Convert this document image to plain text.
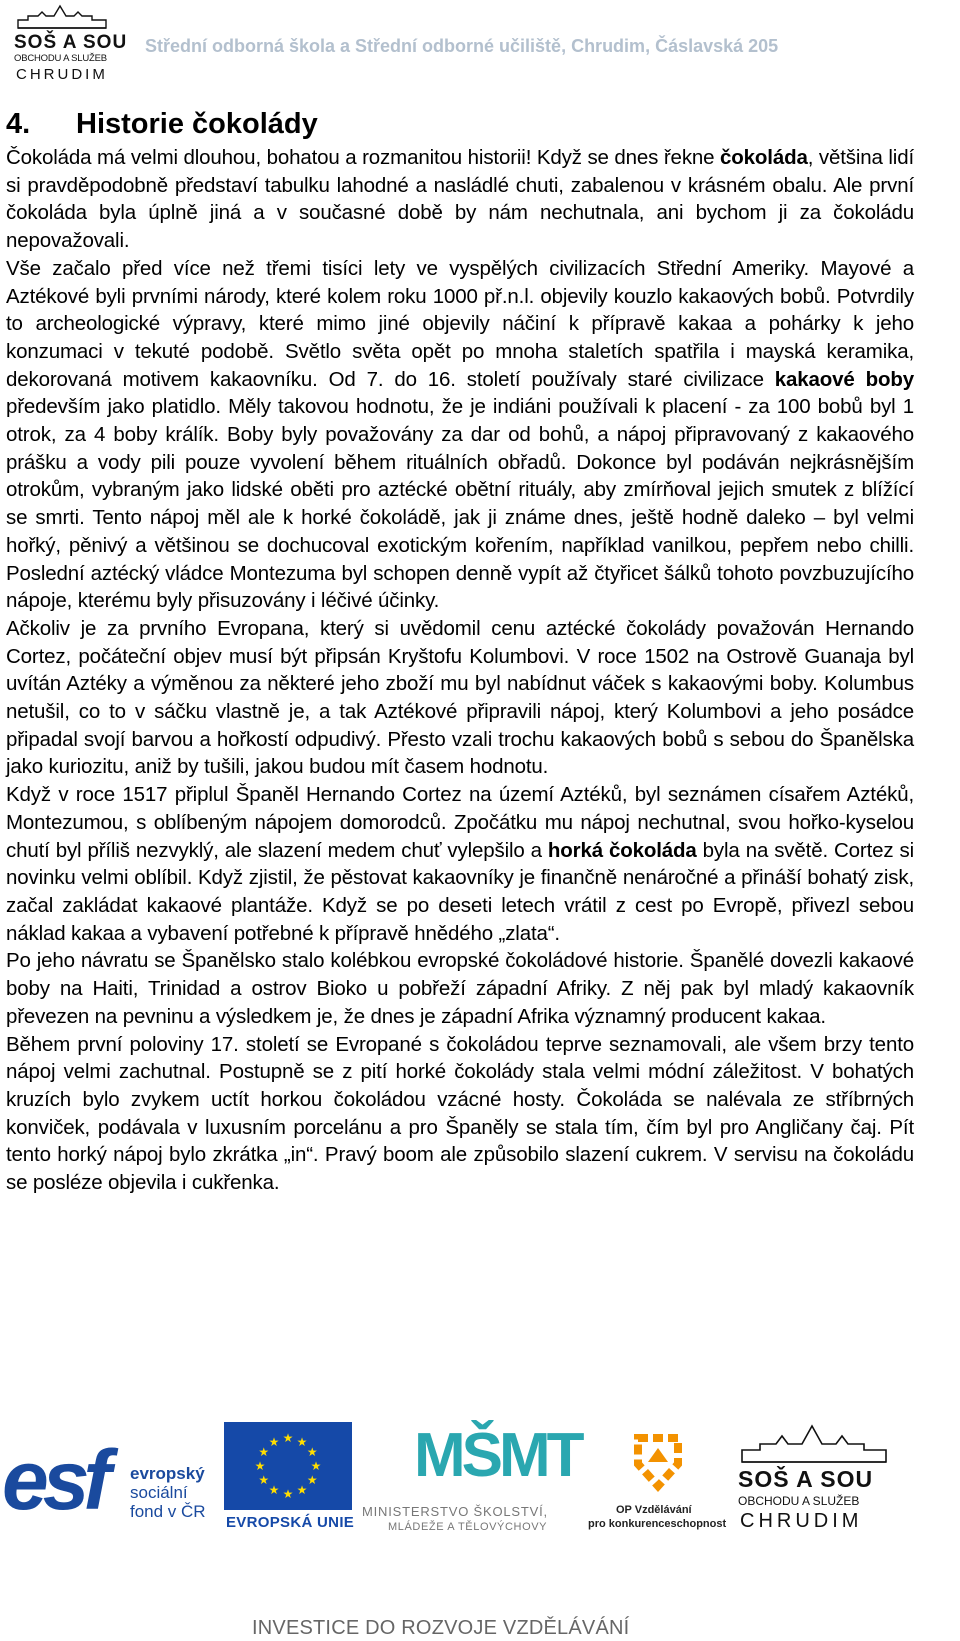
SOŠ A SOU
OBCHODU A SLUŽEB
CHRUDIM
Střední odborná škola a Střední odborné učiliště, Chrudim, Čáslavská 205
4. Historie čokolády

Čokoláda má velmi dlouhou, bohatou a rozmanitou historii! Když se dnes řekne čokoláda, většina lidí si pravděpodobně představí tabulku lahodné a nasládlé chuti, zabalenou v krásném obalu. Ale první čokoláda byla úplně jiná a v současné době by nám nechutnala, ani bychom ji za čokoládu nepovažovali.

Vše začalo před více než třemi tisíci lety ve vyspělých civilizacích Střední Ameriky. Mayové a Aztékové byli prvními národy, které kolem roku 1000 př.n.l. objevily kouzlo kakaových bobů. Potvrdily to archeologické výpravy, které mimo jiné objevily náčiní k přípravě kakaa a pohárky k jeho konzumaci v tekuté podobě. Světlo světa opět po mnoha staletích spatřila i mayská keramika, dekorovaná motivem kakaovníku. Od 7. do 16. století používaly staré civilizace kakaové boby především jako platidlo. Měly takovou hodnotu, že je indiáni používali k placení - za 100 bobů byl 1 otrok, za 4 boby králík. Boby byly považovány za dar od bohů, a nápoj připravovaný z kakaového prášku a vody pili pouze vyvolení během rituálních obřadů. Dokonce byl podáván nejkrásnějším otrokům, vybraným jako lidské oběti pro aztécké obětní rituály, aby zmírňoval jejich smutek z blížící se smrti. Tento nápoj měl ale k horké čokoládě, jak ji známe dnes, ještě hodně daleko – byl velmi hořký, pěnivý a většinou se dochucoval exotickým kořením, například vanilkou, pepřem nebo chilli. Poslední aztécký vládce Montezuma byl schopen denně vypít až čtyřicet šálků tohoto povzbuzujícího nápoje, kterému byly přisuzovány i léčivé účinky.

Ačkoliv je za prvního Evropana, který si uvědomil cenu aztécké čokolády považován Hernando Cortez, počáteční objev musí být připsán Kryštofu Kolumbovi. V roce 1502 na Ostrově Guanaja byl uvítán Aztéky a výměnou za některé jeho zboží mu byl nabídnut váček s kakaovými boby. Kolumbus netušil, co to v sáčku vlastně je, a tak Aztékové připravili nápoj, který Kolumbovi a jeho posádce připadal svojí barvou a hořkostí odpudivý. Přesto vzali trochu kakaových bobů s sebou do Španělska jako kuriozitu, aniž by tušili, jakou budou mít časem hodnotu.

Když v roce 1517 připlul Španěl Hernando Cortez na území Aztéků, byl seznámen císařem Aztéků, Montezumou, s oblíbeným nápojem domorodců. Zpočátku mu nápoj nechutnal, svou hořko-kyselou chutí byl příliš nezvyklý, ale slazení medem chuť vylepšilo a horká čokoláda byla na světě. Cortez si novinku velmi oblíbil. Když zjistil, že pěstovat kakaovníky je finančně nenáročné a přináší bohatý zisk, začal zakládat kakaové plantáže. Když se po deseti letech vrátil z cest po Evropě, přivezl sebou náklad kakaa a vybavení potřebné k přípravě hnědého „zlata“.

Po jeho návratu se Španělsko stalo kolébkou evropské čokoládové historie. Španělé dovezli kakaové boby na Haiti, Trinidad a ostrov Bioko u pobřeží západní Afriky. Z něj pak byl mladý kakaovník převezen na pevninu a výsledkem je, že dnes je západní Afrika významný producent kakaa.

Během první poloviny 17. století se Evropané s čokoládou teprve seznamovali, ale všem brzy tento nápoj velmi zachutnal. Postupně se z pití horké čokolády stala velmi módní záležitost. V bohatých kruzích bylo zvykem uctít horkou čokoládou vzácné hosty. Čokoláda se nalévala ze stříbrných konviček, podávala v luxusním porcelánu a pro Španěly se stala tím, čím byl pro Angličany čaj. Pít tento horký nápoj bylo zkrátka „in“. Pravý boom ale způsobilo slazení cukrem. V servisu na čokoládu se posléze objevila i cukřenka.

esf evropský
sociální
fond v ČR
★ ★
★
★
★
★
★
★
★
★
★
★
EVROPSKÁ UNIE
MŠMT
MINISTERSTVO ŠKOLSTVÍ,
MLÁDEŽE A TĚLOVÝCHOVY
OP Vzdělávání
pro konkurenceschopnost
SOŠ A SOU
OBCHODU A SLUŽEB
CHRUDIM
INVESTICE DO ROZVOJE VZDĚLÁVÁNÍ
